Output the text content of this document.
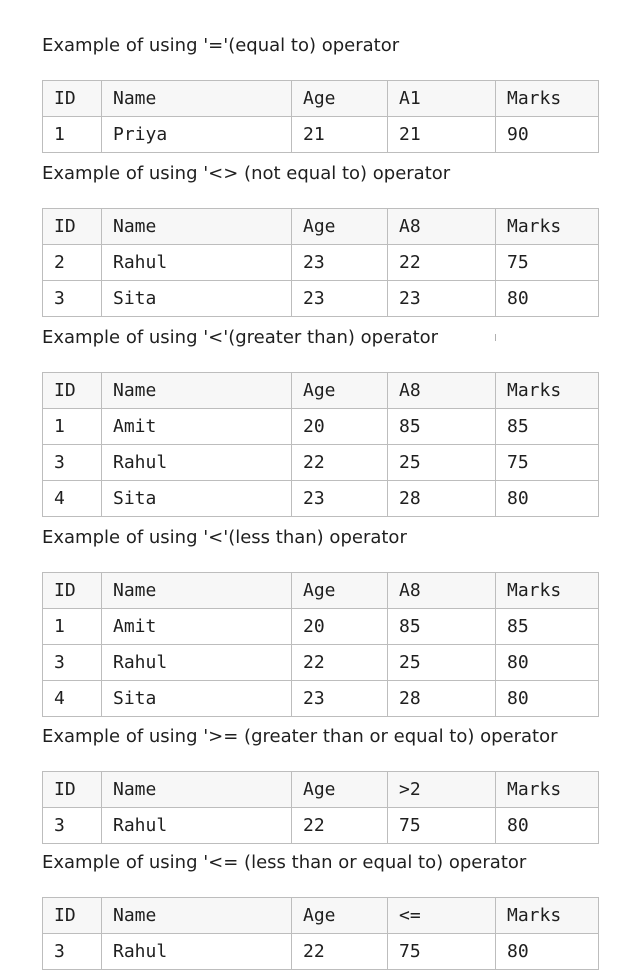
Example of using '='(equal to) operator
ID	Name	Age	A1	Marks
1	Priya	21	21	90
Example of using '<> (not equal to) operator
ID	Name	Age	A8	Marks
2	Rahul	23	22	75
3	Sita	23	23	80
Example of using '<'(greater than) operator
ID	Name	Age	A8	Marks
1	Amit	20	85	85
3	Rahul	22	25	75
4	Sita	23	28	80
Example of using '<'(less than) operator
ID	Name	Age	A8	Marks
1	Amit	20	85	85
3	Rahul	22	25	80
4	Sita	23	28	80
Example of using '>= (greater than or equal to) operator
ID	Name	Age	>2	Marks
3	Rahul	22	75	80
Example of using '<= (less than or equal to) operator
ID	Name	Age	<=	Marks
3	Rahul	22	75	80
